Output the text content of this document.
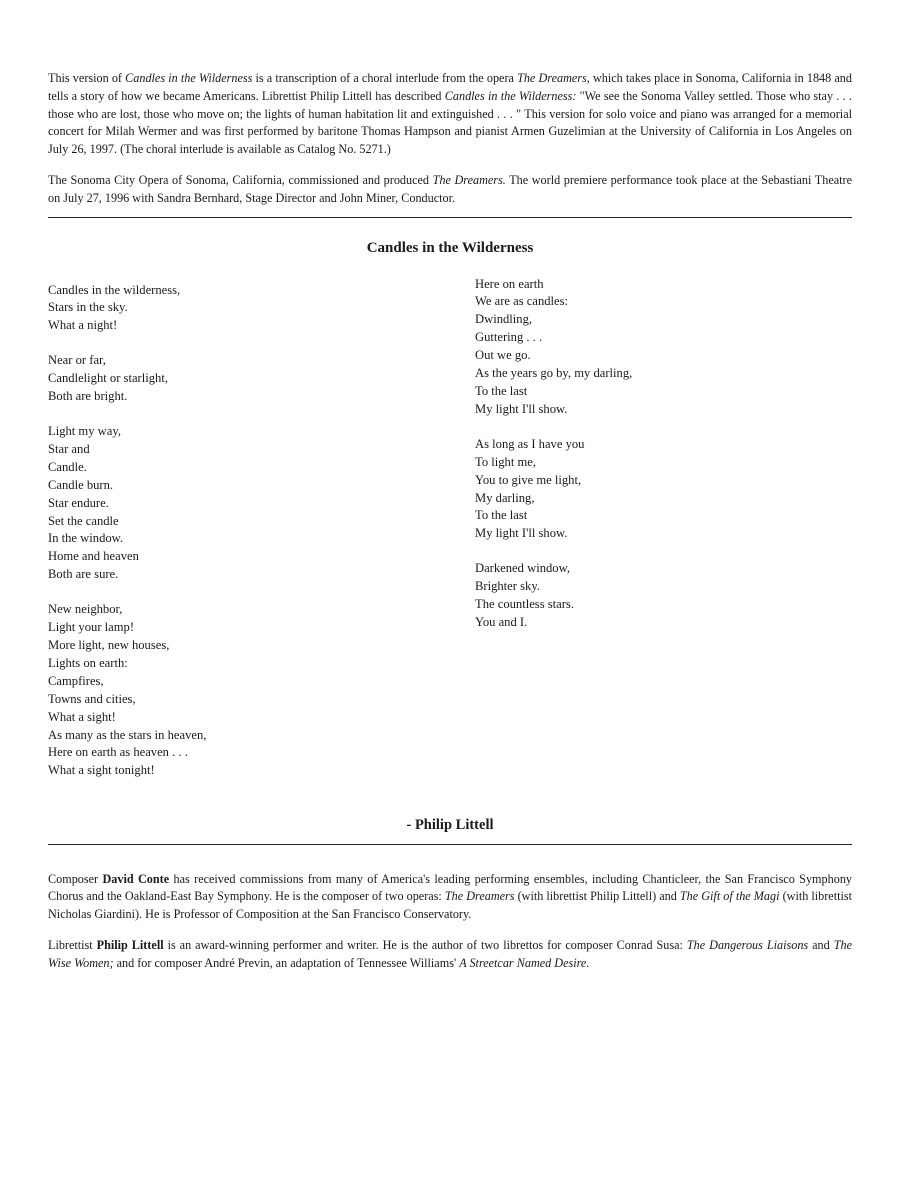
This version of Candles in the Wilderness is a transcription of a choral interlude from the opera The Dreamers, which takes place in Sonoma, California in 1848 and tells a story of how we became Americans. Librettist Philip Littell has described Candles in the Wilderness: "We see the Sonoma Valley settled. Those who stay . . . those who are lost, those who move on; the lights of human habitation lit and extinguished . . . " This version for solo voice and piano was arranged for a memorial concert for Milah Wermer and was first performed by baritone Thomas Hampson and pianist Armen Guzelimian at the University of California in Los Angeles on July 26, 1997. (The choral interlude is available as Catalog No. 5271.)

The Sonoma City Opera of Sonoma, California, commissioned and produced The Dreamers. The world premiere performance took place at the Sebastiani Theatre on July 27, 1996 with Sandra Bernhard, Stage Director and John Miner, Conductor.

Candles in the Wilderness
Candles in the wilderness,
Stars in the sky.
What a night!
Near or far,
Candlelight or starlight,
Both are bright.
Light my way,
Star and
Candle.
Candle burn.
Star endure.
Set the candle
In the window.
Home and heaven
Both are sure.
New neighbor,
Light your lamp!
More light, new houses,
Lights on earth:
Campfires,
Towns and cities,
What a sight!
As many as the stars in heaven,
Here on earth as heaven . . .
What a sight tonight!
Here on earth
We are as candles:
Dwindling,
Guttering . . .
Out we go.
As the years go by, my darling,
To the last
My light I'll show.
As long as I have you
To light me,
You to give me light,
My darling,
To the last
My light I'll show.
Darkened window,
Brighter sky.
The countless stars.
You and I.
- Philip Littell

Composer David Conte has received commissions from many of America's leading performing ensembles, including Chanticleer, the San Francisco Symphony Chorus and the Oakland-East Bay Symphony. He is the composer of two operas: The Dreamers (with librettist Philip Littell) and The Gift of the Magi (with librettist Nicholas Giardini). He is Professor of Composition at the San Francisco Conservatory.

Librettist Philip Littell is an award-winning performer and writer. He is the author of two librettos for composer Conrad Susa: The Dangerous Liaisons and The Wise Women; and for composer André Previn, an adaptation of Tennessee Williams' A Streetcar Named Desire.
